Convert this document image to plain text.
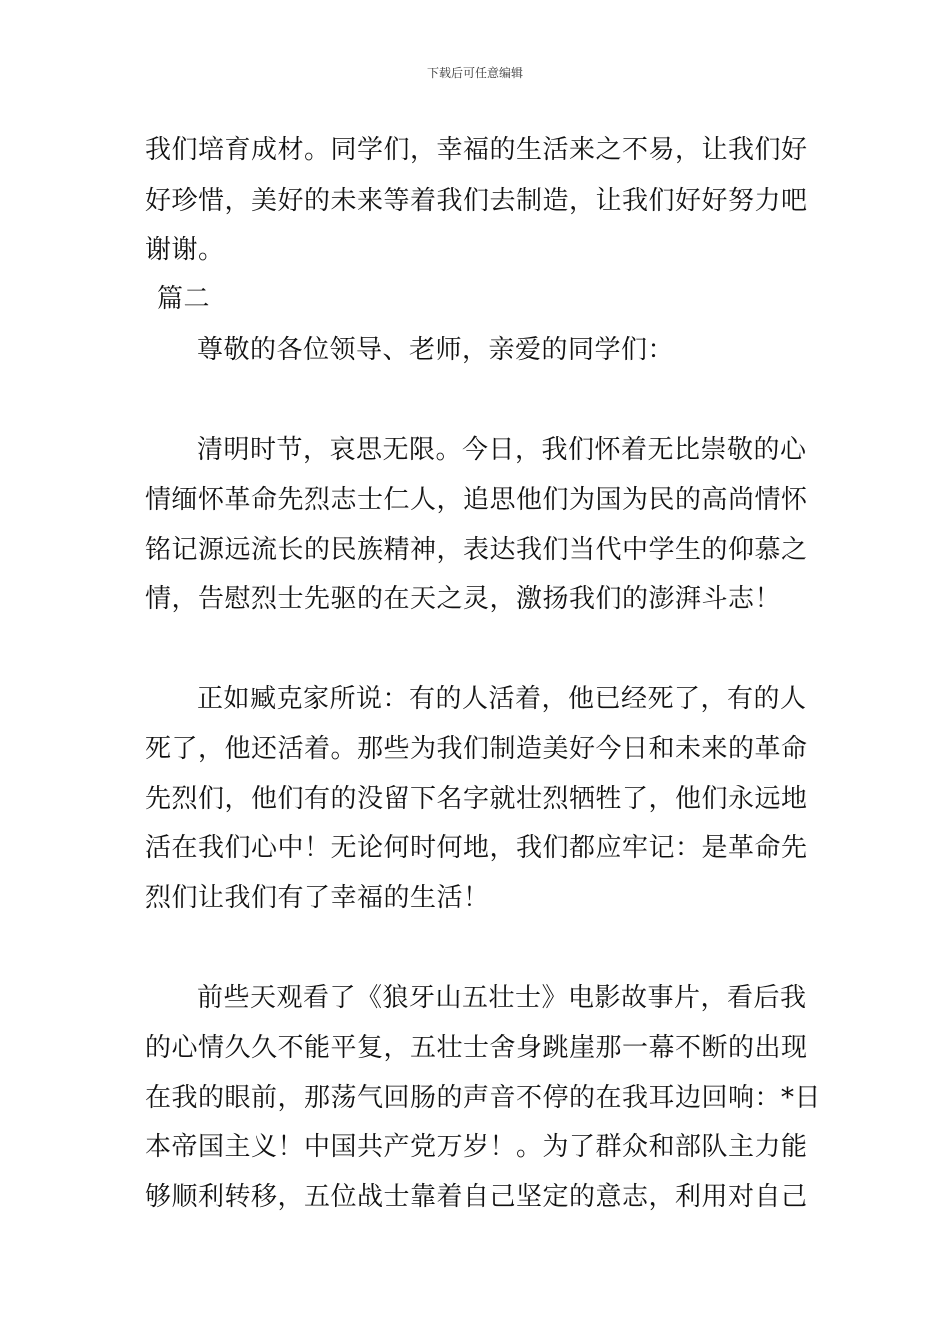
下载后可任意编辑
我们培育成材。同学们，幸福的生活来之不易，让我们好
好珍惜，美好的未来等着我们去制造，让我们好好努力吧
谢谢。
篇二
尊敬的各位领导、老师，亲爱的同学们：
清明时节，哀思无限。今日，我们怀着无比崇敬的心
情缅怀革命先烈志士仁人，追思他们为国为民的高尚情怀
铭记源远流长的民族精神，表达我们当代中学生的仰慕之
情，告慰烈士先驱的在天之灵，激扬我们的澎湃斗志！
正如臧克家所说：有的人活着，他已经死了，有的人
死了，他还活着。那些为我们制造美好今日和未来的革命
先烈们，他们有的没留下名字就壮烈牺牲了，他们永远地
活在我们心中！无论何时何地，我们都应牢记：是革命先
烈们让我们有了幸福的生活！
前些天观看了《狼牙山五壮士》电影故事片，看后我
的心情久久不能平复，五壮士舍身跳崖那一幕不断的出现
在我的眼前，那荡气回肠的声音不停的在我耳边回响：*日
本帝国主义！中国共产党万岁！。为了群众和部队主力能
够顺利转移，五位战士靠着自己坚定的意志，利用对自己
